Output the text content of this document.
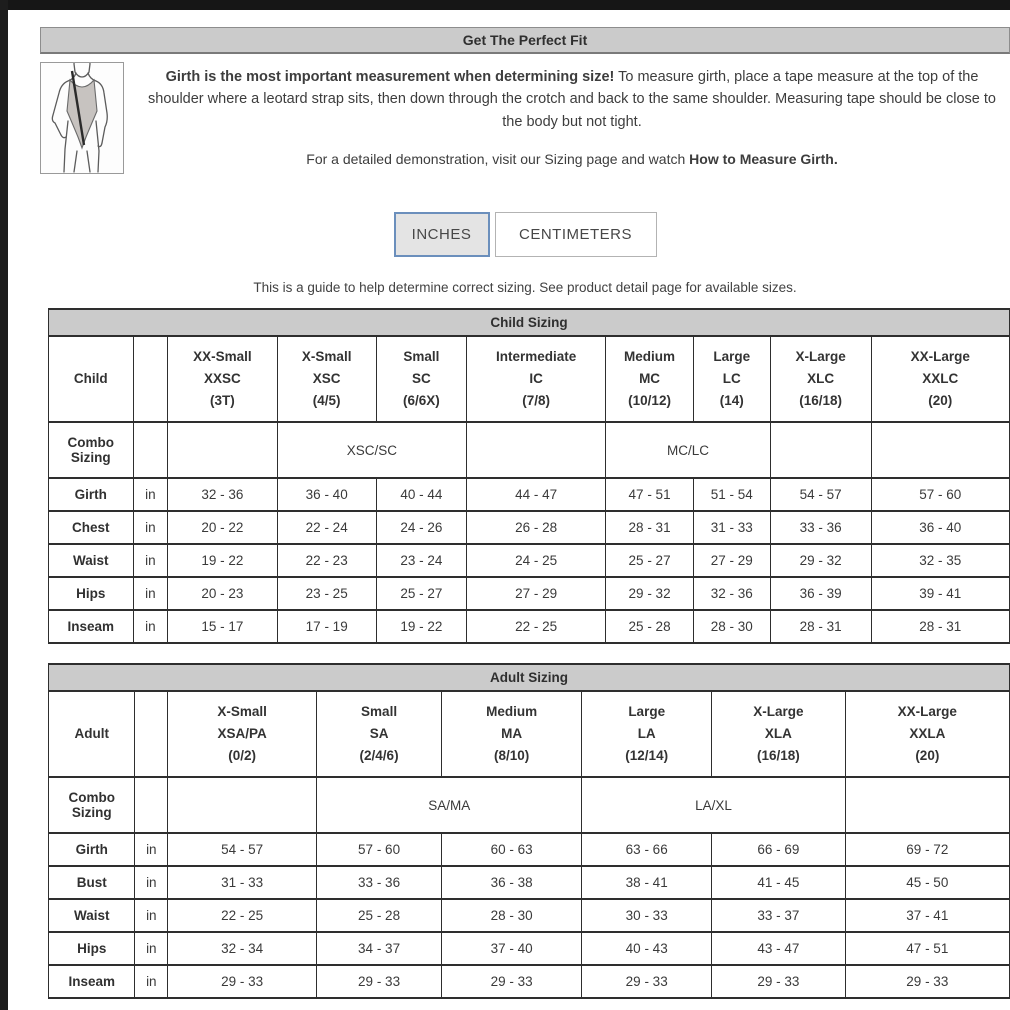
Get The Perfect Fit
Girth is the most important measurement when determining size! To measure girth, place a tape measure at the top of the shoulder where a leotard strap sits, then down through the crotch and back to the same shoulder. Measuring tape should be close to the body but not tight.
For a detailed demonstration, visit our Sizing page and watch How to Measure Girth.
INCHES	CENTIMETERS
This is a guide to help determine correct sizing. See product detail page for available sizes.
Child Sizing									
Child		XX-Small
XXSC
(3T)	X-Small
XSC
(4/5)	Small
SC
(6/6X)	Intermediate
IC
(7/8)	Medium
MC
(10/12)	Large
LC
(14)	X-Large
XLC
(16/18)	XX-Large
XXLC
(20)
Combo Sizing			XSC/SC			MC/LC			
Girth	in	32 - 36	36 - 40	40 - 44	44 - 47	47 - 51	51 - 54	54 - 57	57 - 60
Chest	in	20 - 22	22 - 24	24 - 26	26 - 28	28 - 31	31 - 33	33 - 36	36 - 40
Waist	in	19 - 22	22 - 23	23 - 24	24 - 25	25 - 27	27 - 29	29 - 32	32 - 35
Hips	in	20 - 23	23 - 25	25 - 27	27 - 29	29 - 32	32 - 36	36 - 39	39 - 41
Inseam	in	15 - 17	17 - 19	19 - 22	22 - 25	25 - 28	28 - 30	28 - 31	28 - 31
Adult Sizing							
Adult		X-Small
XSA/PA
(0/2)	Small
SA
(2/4/6)	Medium
MA
(8/10)	Large
LA
(12/14)	X-Large
XLA
(16/18)	XX-Large
XXLA
(20)
Combo Sizing			SA/MA		LA/XL		
Girth	in	54 - 57	57 - 60	60 - 63	63 - 66	66 - 69	69 - 72
Bust	in	31 - 33	33 - 36	36 - 38	38 - 41	41 - 45	45 - 50
Waist	in	22 - 25	25 - 28	28 - 30	30 - 33	33 - 37	37 - 41
Hips	in	32 - 34	34 - 37	37 - 40	40 - 43	43 - 47	47 - 51
Inseam	in	29 - 33	29 - 33	29 - 33	29 - 33	29 - 33	29 - 33
